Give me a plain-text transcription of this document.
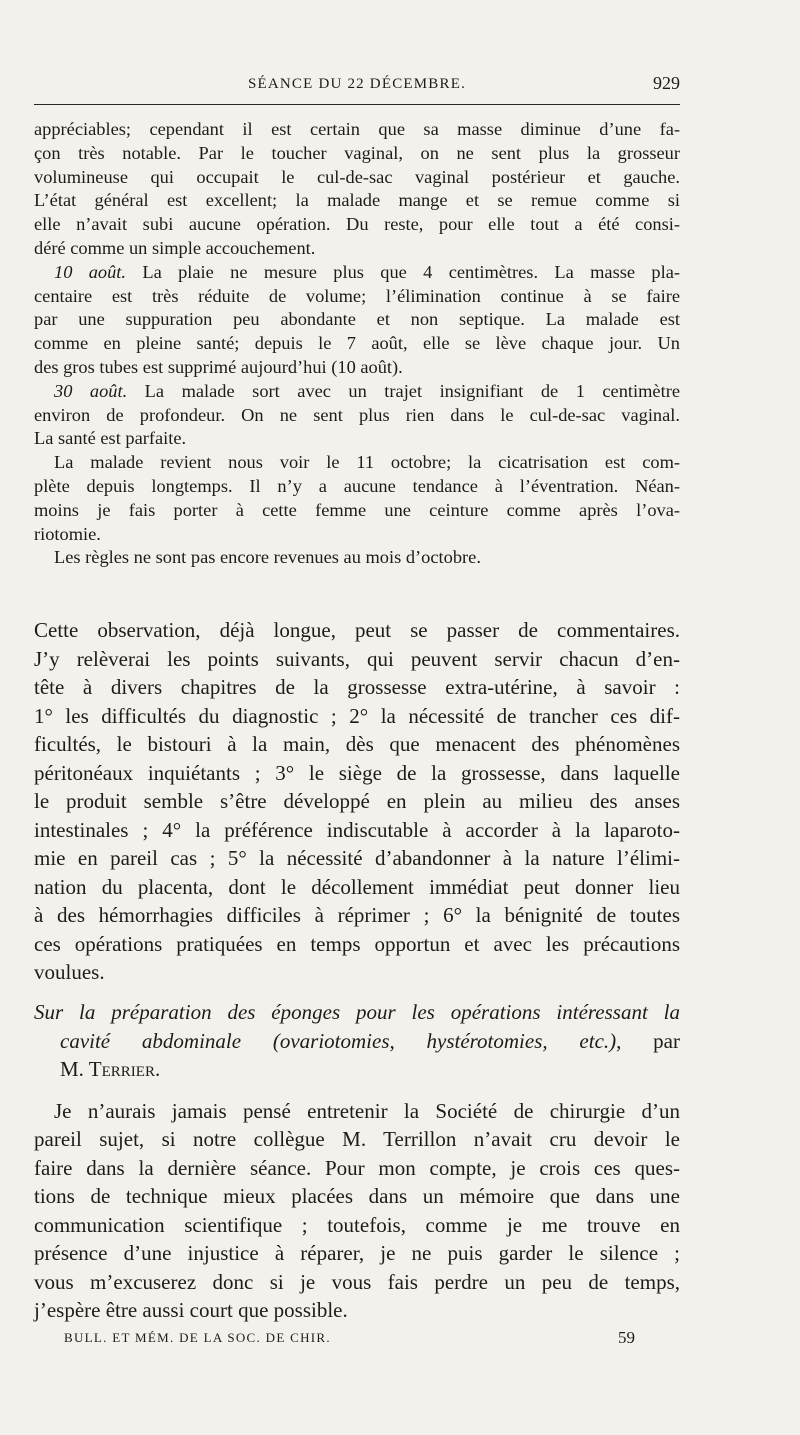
SÉANCE DU 22 DÉCEMBRE.	929
appréciables; cependant il est certain que sa masse diminue d’une fa-
çon très notable. Par le toucher vaginal, on ne sent plus la grosseur
volumineuse qui occupait le cul-de-sac vaginal postérieur et gauche.
L’état général est excellent; la malade mange et se remue comme si
elle n’avait subi aucune opération. Du reste, pour elle tout a été consi-
déré comme un simple accouchement.
10 août. La plaie ne mesure plus que 4 centimètres. La masse pla-
centaire est très réduite de volume; l’élimination continue à se faire
par une suppuration peu abondante et non septique. La malade est
comme en pleine santé; depuis le 7 août, elle se lève chaque jour. Un
des gros tubes est supprimé aujourd’hui (10 août).
30 août. La malade sort avec un trajet insignifiant de 1 centimètre
environ de profondeur. On ne sent plus rien dans le cul-de-sac vaginal.
La santé est parfaite.
La malade revient nous voir le 11 octobre; la cicatrisation est com-
plète depuis longtemps. Il n’y a aucune tendance à l’éventration. Néan-
moins je fais porter à cette femme une ceinture comme après l’ova-
riotomie.
Les règles ne sont pas encore revenues au mois d’octobre.
Cette observation, déjà longue, peut se passer de commentaires.
J’y relèverai les points suivants, qui peuvent servir chacun d’en-
tête à divers chapitres de la grossesse extra-utérine, à savoir :
1° les difficultés du diagnostic ; 2° la nécessité de trancher ces dif-
ficultés, le bistouri à la main, dès que menacent des phénomènes
péritonéaux inquiétants ; 3° le siège de la grossesse, dans laquelle
le produit semble s’être développé en plein au milieu des anses
intestinales ; 4° la préférence indiscutable à accorder à la laparoto-
mie en pareil cas ; 5° la nécessité d’abandonner à la nature l’élimi-
nation du placenta, dont le décollement immédiat peut donner lieu
à des hémorrhagies difficiles à réprimer ; 6° la bénignité de toutes
ces opérations pratiquées en temps opportun et avec les précautions
voulues.
Sur la préparation des éponges pour les opérations intéressant la
cavité abdominale (ovariotomies, hystérotomies, etc.), par
M. Terrier.
Je n’aurais jamais pensé entretenir la Société de chirurgie d’un
pareil sujet, si notre collègue M. Terrillon n’avait cru devoir le
faire dans la dernière séance. Pour mon compte, je crois ces ques-
tions de technique mieux placées dans un mémoire que dans une
communication scientifique ; toutefois, comme je me trouve en
présence d’une injustice à réparer, je ne puis garder le silence ;
vous m’excuserez donc si je vous fais perdre un peu de temps,
j’espère être aussi court que possible.
BULL. ET MÉM. DE LA SOC. DE CHIR.	59
